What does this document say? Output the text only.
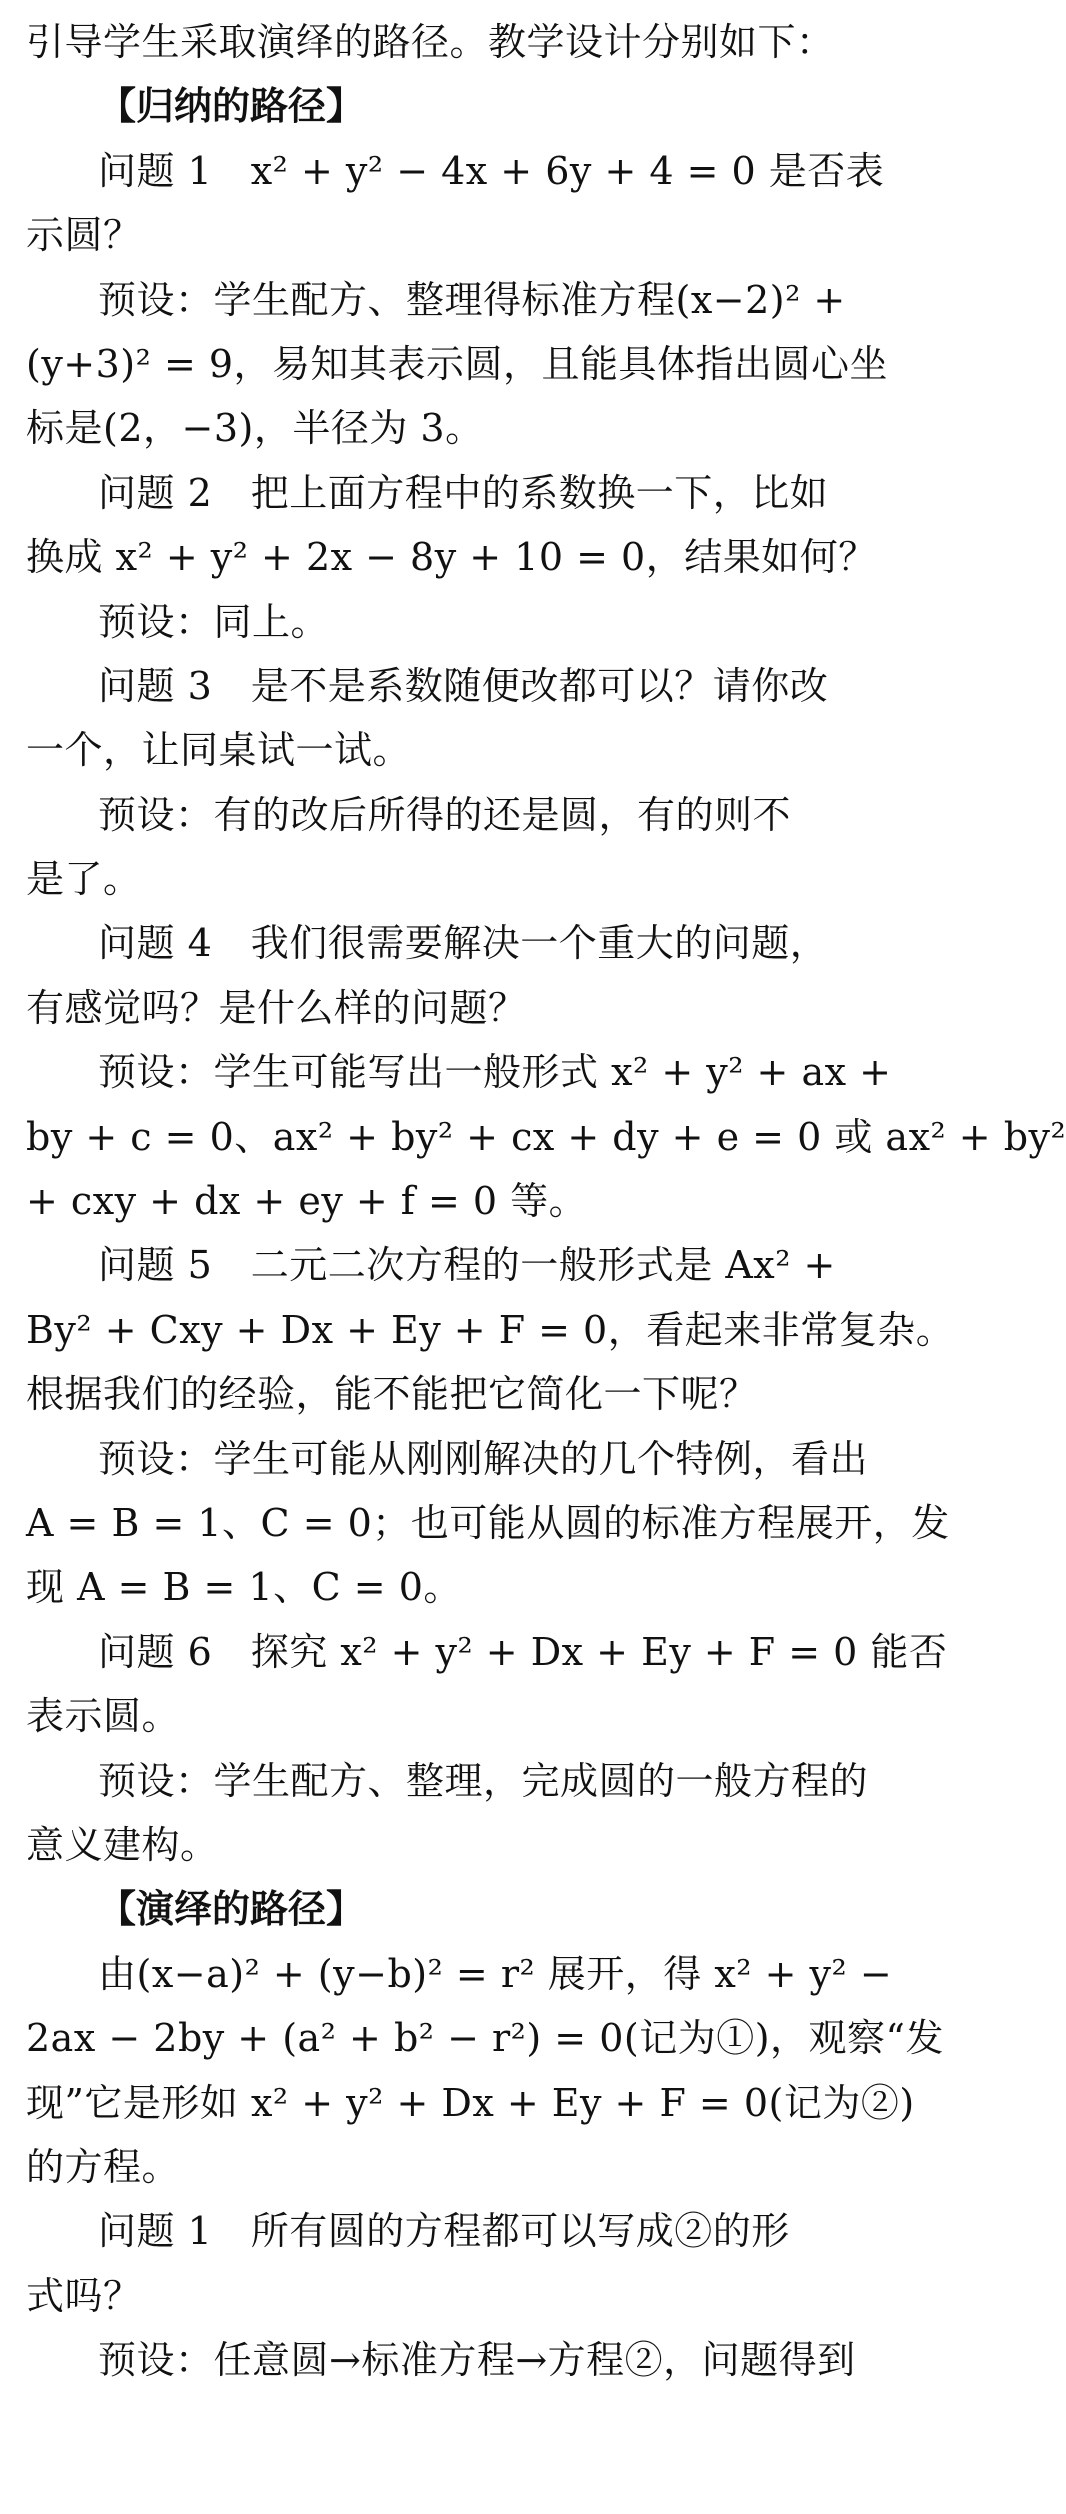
引导学生采取演绎的路径。教学设计分别如下：
【归纳的路径】
问题 1　x² + y² − 4x + 6y + 4 = 0 是否表
示圆？
预设：学生配方、整理得标准方程(x−2)² +
(y+3)² = 9，易知其表示圆，且能具体指出圆心坐
标是(2，−3)，半径为 3。
问题 2　把上面方程中的系数换一下，比如
换成 x² + y² + 2x − 8y + 10 = 0，结果如何？
预设：同上。
问题 3　是不是系数随便改都可以？请你改
一个，让同桌试一试。
预设：有的改后所得的还是圆，有的则不
是了。
问题 4　我们很需要解决一个重大的问题，
有感觉吗？是什么样的问题？
预设：学生可能写出一般形式 x² + y² + ax +
by + c = 0、ax² + by² + cx + dy + e = 0 或 ax² + by²
+ cxy + dx + ey + f = 0 等。
问题 5　二元二次方程的一般形式是 Ax² +
By² + Cxy + Dx + Ey + F = 0，看起来非常复杂。
根据我们的经验，能不能把它简化一下呢？
预设：学生可能从刚刚解决的几个特例，看出
A = B = 1、C = 0；也可能从圆的标准方程展开，发
现 A = B = 1、C = 0。
问题 6　探究 x² + y² + Dx + Ey + F = 0 能否
表示圆。
预设：学生配方、整理，完成圆的一般方程的
意义建构。
【演绎的路径】
由(x−a)² + (y−b)² = r² 展开，得 x² + y² −
2ax − 2by + (a² + b² − r²) = 0(记为①)，观察“发
现”它是形如 x² + y² + Dx + Ey + F = 0(记为②)
的方程。
问题 1　所有圆的方程都可以写成②的形
式吗？
预设：任意圆→标准方程→方程②，问题得到
